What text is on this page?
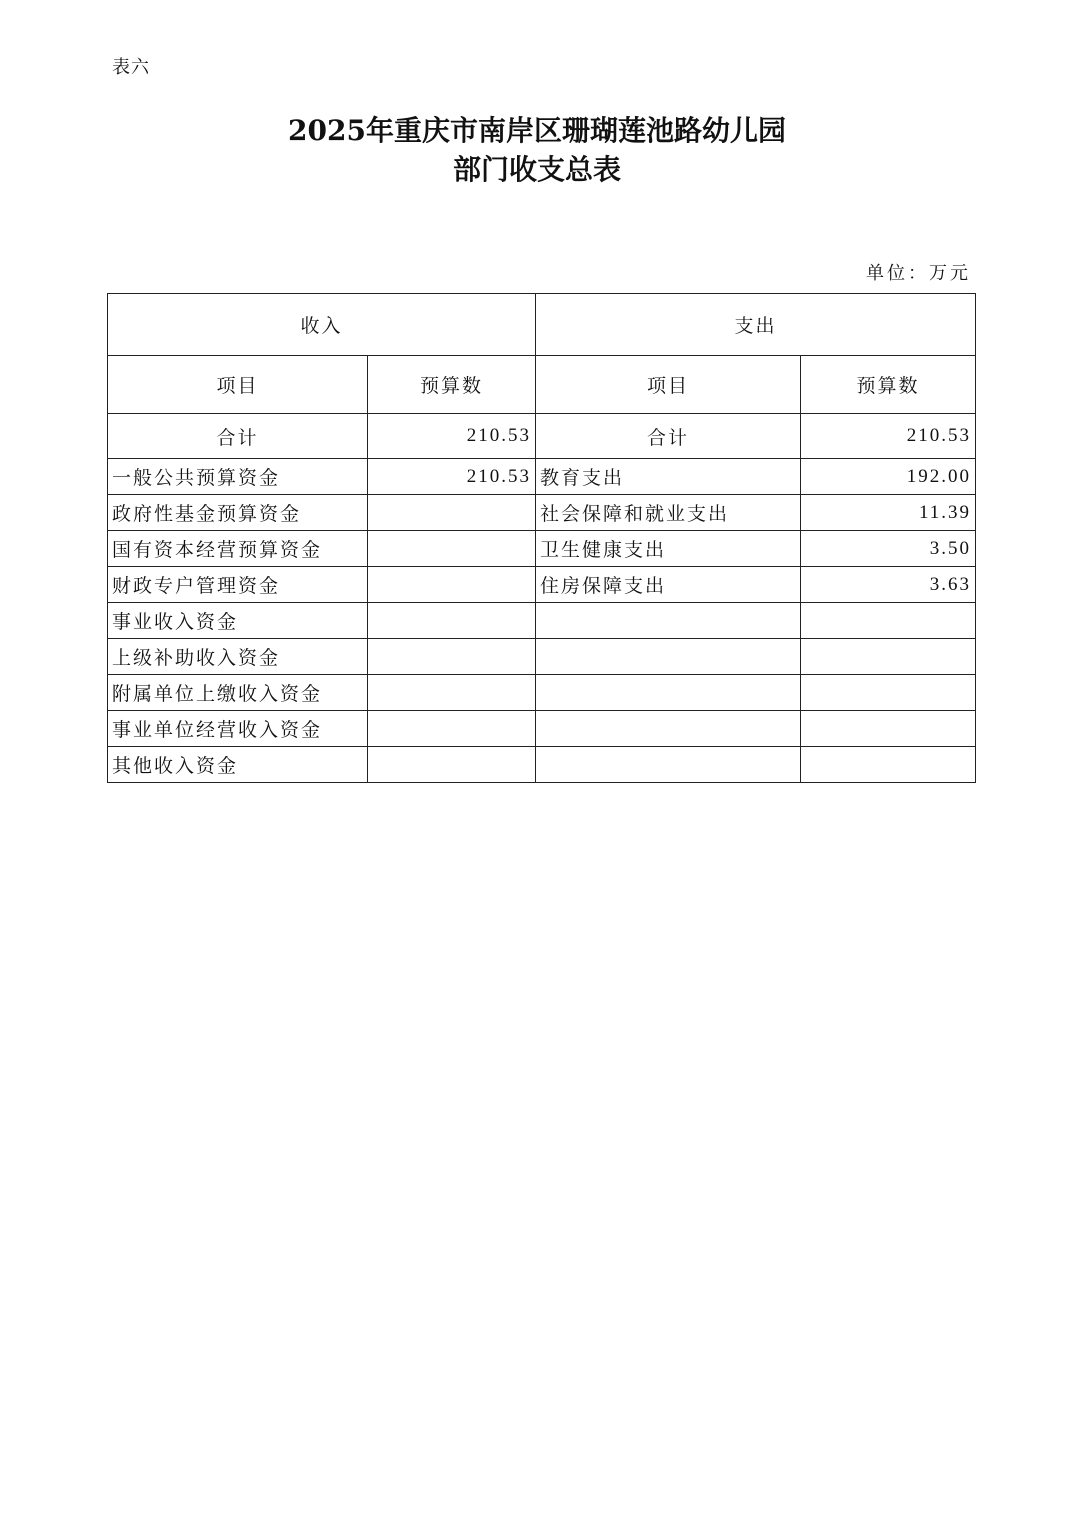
表六
2025年重庆市南岸区珊瑚莲池路幼儿园
部门收支总表
单位：万元
收入		支出	
项目	预算数	项目	预算数
合计	210.53	合计	210.53
一般公共预算资金	210.53	教育支出	192.00
政府性基金预算资金		社会保障和就业支出	11.39
国有资本经营预算资金		卫生健康支出	3.50
财政专户管理资金		住房保障支出	3.63
事业收入资金			
上级补助收入资金			
附属单位上缴收入资金			
事业单位经营收入资金			
其他收入资金			
